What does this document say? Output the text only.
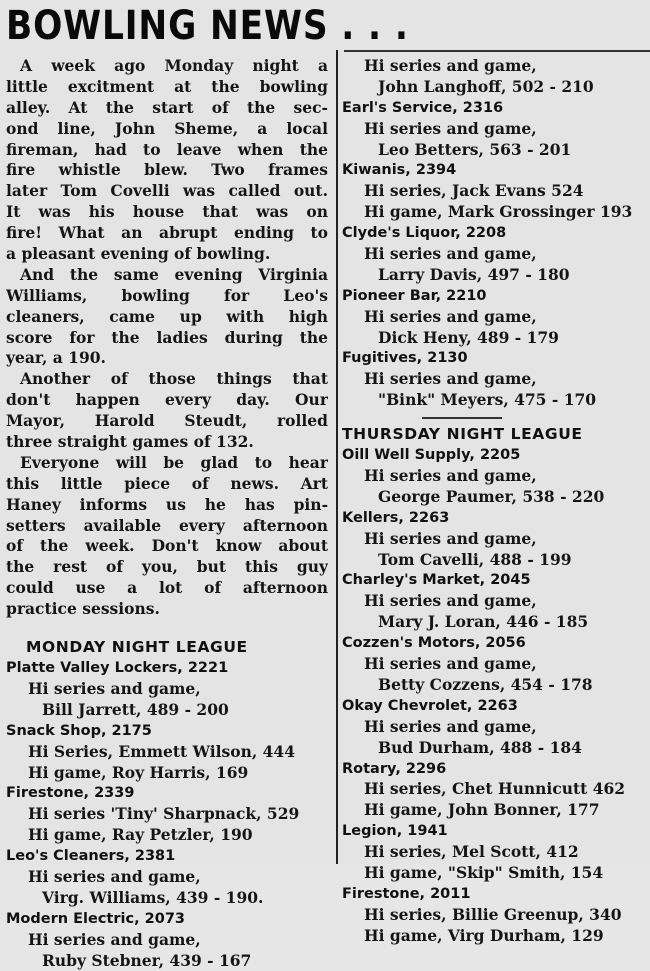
BOWLING NEWS . . .
A week ago Monday night a
little excitment at the bowling
alley. At the start of the sec-
ond line, John Sheme, a local
fireman, had to leave when the
fire whistle blew. Two frames
later Tom Covelli was called out.
It was his house that was on
fire! What an abrupt ending to
a pleasant evening of bowling.
And the same evening Virginia
Williams, bowling for Leo's
cleaners, came up with high
score for the ladies during the
year, a 190.
Another of those things that
don't happen every day. Our
Mayor, Harold Steudt, rolled
three straight games of 132.
Everyone will be glad to hear
this little piece of news. Art
Haney informs us he has pin-
setters available every afternoon
of the week. Don't know about
the rest of you, but this guy
could use a lot of afternoon
practice sessions.
MONDAY NIGHT LEAGUE
Platte Valley Lockers, 2221
Hi series and game,
Bill Jarrett, 489 - 200
Snack Shop, 2175
Hi Series, Emmett Wilson, 444
Hi game, Roy Harris, 169
Firestone, 2339
Hi series 'Tiny' Sharpnack, 529
Hi game, Ray Petzler, 190
Leo's Cleaners, 2381
Hi series and game,
Virg. Williams, 439 - 190.
Modern Electric, 2073
Hi series and game,
Ruby Stebner, 439 - 167
Hi series and game,
John Langhoff, 502 - 210
Earl's Service, 2316
Hi series and game,
Leo Betters, 563 - 201
Kiwanis, 2394
Hi series, Jack Evans 524
Hi game, Mark Grossinger 193
Clyde's Liquor, 2208
Hi series and game,
Larry Davis, 497 - 180
Pioneer Bar, 2210
Hi series and game,
Dick Heny, 489 - 179
Fugitives, 2130
Hi series and game,
"Bink" Meyers, 475 - 170
THURSDAY NIGHT LEAGUE
Oill Well Supply, 2205
Hi series and game,
George Paumer, 538 - 220
Kellers, 2263
Hi series and game,
Tom Cavelli, 488 - 199
Charley's Market, 2045
Hi series and game,
Mary J. Loran, 446 - 185
Cozzen's Motors, 2056
Hi series and game,
Betty Cozzens, 454 - 178
Okay Chevrolet, 2263
Hi series and game,
Bud Durham, 488 - 184
Rotary, 2296
Hi series, Chet Hunnicutt 462
Hi game, John Bonner, 177
Legion, 1941
Hi series, Mel Scott, 412
Hi game, "Skip" Smith, 154
Firestone, 2011
Hi series, Billie Greenup, 340
Hi game, Virg Durham, 129
